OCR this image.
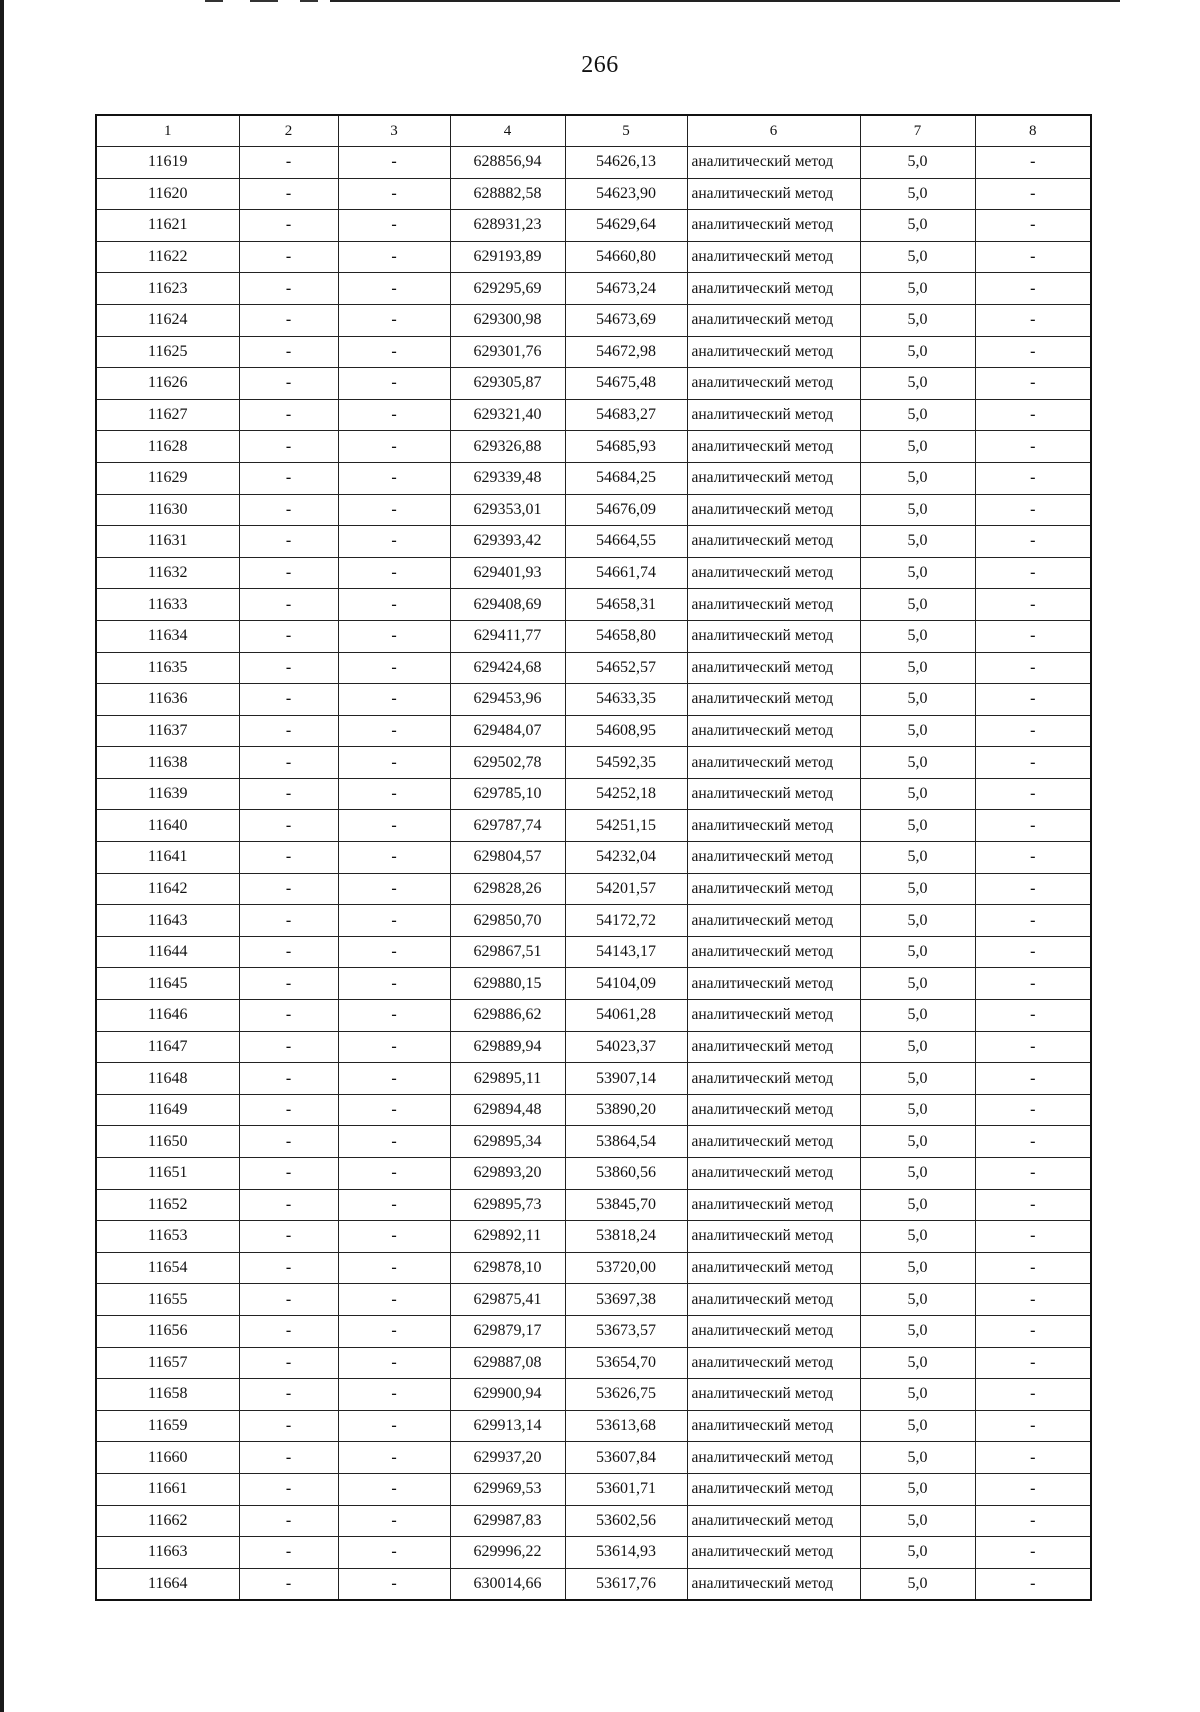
266
1	2	3	4	5	6	7	8
11619	-	-	628856,94	54626,13	аналитический метод	5,0	-
11620	-	-	628882,58	54623,90	аналитический метод	5,0	-
11621	-	-	628931,23	54629,64	аналитический метод	5,0	-
11622	-	-	629193,89	54660,80	аналитический метод	5,0	-
11623	-	-	629295,69	54673,24	аналитический метод	5,0	-
11624	-	-	629300,98	54673,69	аналитический метод	5,0	-
11625	-	-	629301,76	54672,98	аналитический метод	5,0	-
11626	-	-	629305,87	54675,48	аналитический метод	5,0	-
11627	-	-	629321,40	54683,27	аналитический метод	5,0	-
11628	-	-	629326,88	54685,93	аналитический метод	5,0	-
11629	-	-	629339,48	54684,25	аналитический метод	5,0	-
11630	-	-	629353,01	54676,09	аналитический метод	5,0	-
11631	-	-	629393,42	54664,55	аналитический метод	5,0	-
11632	-	-	629401,93	54661,74	аналитический метод	5,0	-
11633	-	-	629408,69	54658,31	аналитический метод	5,0	-
11634	-	-	629411,77	54658,80	аналитический метод	5,0	-
11635	-	-	629424,68	54652,57	аналитический метод	5,0	-
11636	-	-	629453,96	54633,35	аналитический метод	5,0	-
11637	-	-	629484,07	54608,95	аналитический метод	5,0	-
11638	-	-	629502,78	54592,35	аналитический метод	5,0	-
11639	-	-	629785,10	54252,18	аналитический метод	5,0	-
11640	-	-	629787,74	54251,15	аналитический метод	5,0	-
11641	-	-	629804,57	54232,04	аналитический метод	5,0	-
11642	-	-	629828,26	54201,57	аналитический метод	5,0	-
11643	-	-	629850,70	54172,72	аналитический метод	5,0	-
11644	-	-	629867,51	54143,17	аналитический метод	5,0	-
11645	-	-	629880,15	54104,09	аналитический метод	5,0	-
11646	-	-	629886,62	54061,28	аналитический метод	5,0	-
11647	-	-	629889,94	54023,37	аналитический метод	5,0	-
11648	-	-	629895,11	53907,14	аналитический метод	5,0	-
11649	-	-	629894,48	53890,20	аналитический метод	5,0	-
11650	-	-	629895,34	53864,54	аналитический метод	5,0	-
11651	-	-	629893,20	53860,56	аналитический метод	5,0	-
11652	-	-	629895,73	53845,70	аналитический метод	5,0	-
11653	-	-	629892,11	53818,24	аналитический метод	5,0	-
11654	-	-	629878,10	53720,00	аналитический метод	5,0	-
11655	-	-	629875,41	53697,38	аналитический метод	5,0	-
11656	-	-	629879,17	53673,57	аналитический метод	5,0	-
11657	-	-	629887,08	53654,70	аналитический метод	5,0	-
11658	-	-	629900,94	53626,75	аналитический метод	5,0	-
11659	-	-	629913,14	53613,68	аналитический метод	5,0	-
11660	-	-	629937,20	53607,84	аналитический метод	5,0	-
11661	-	-	629969,53	53601,71	аналитический метод	5,0	-
11662	-	-	629987,83	53602,56	аналитический метод	5,0	-
11663	-	-	629996,22	53614,93	аналитический метод	5,0	-
11664	-	-	630014,66	53617,76	аналитический метод	5,0	-
